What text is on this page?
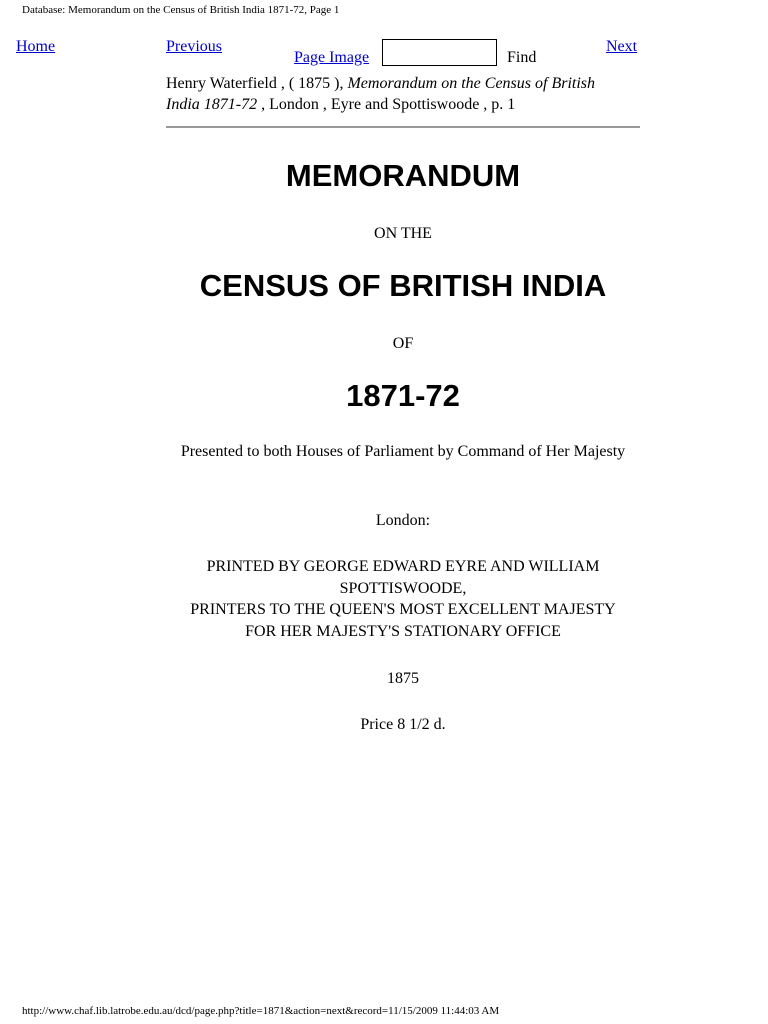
Database: Memorandum on the Census of British India 1871-72, Page 1
Home	Previous
Page Image	Find
Next
Henry Waterfield , ( 1875 ), Memorandum on the Census of British India 1871-72 , London , Eyre and Spottiswoode , p. 1
MEMORANDUM
ON THE
CENSUS OF BRITISH INDIA
OF
1871-72
Presented to both Houses of Parliament by Command of Her Majesty
London:
PRINTED BY GEORGE EDWARD EYRE AND WILLIAM SPOTTISWOODE,
PRINTERS TO THE QUEEN'S MOST EXCELLENT MAJESTY
FOR HER MAJESTY'S STATIONARY OFFICE
1875
Price 8 1/2 d.
http://www.chaf.lib.latrobe.edu.au/dcd/page.php?title=1871&action=next&record=11/15/2009 11:44:03 AM
